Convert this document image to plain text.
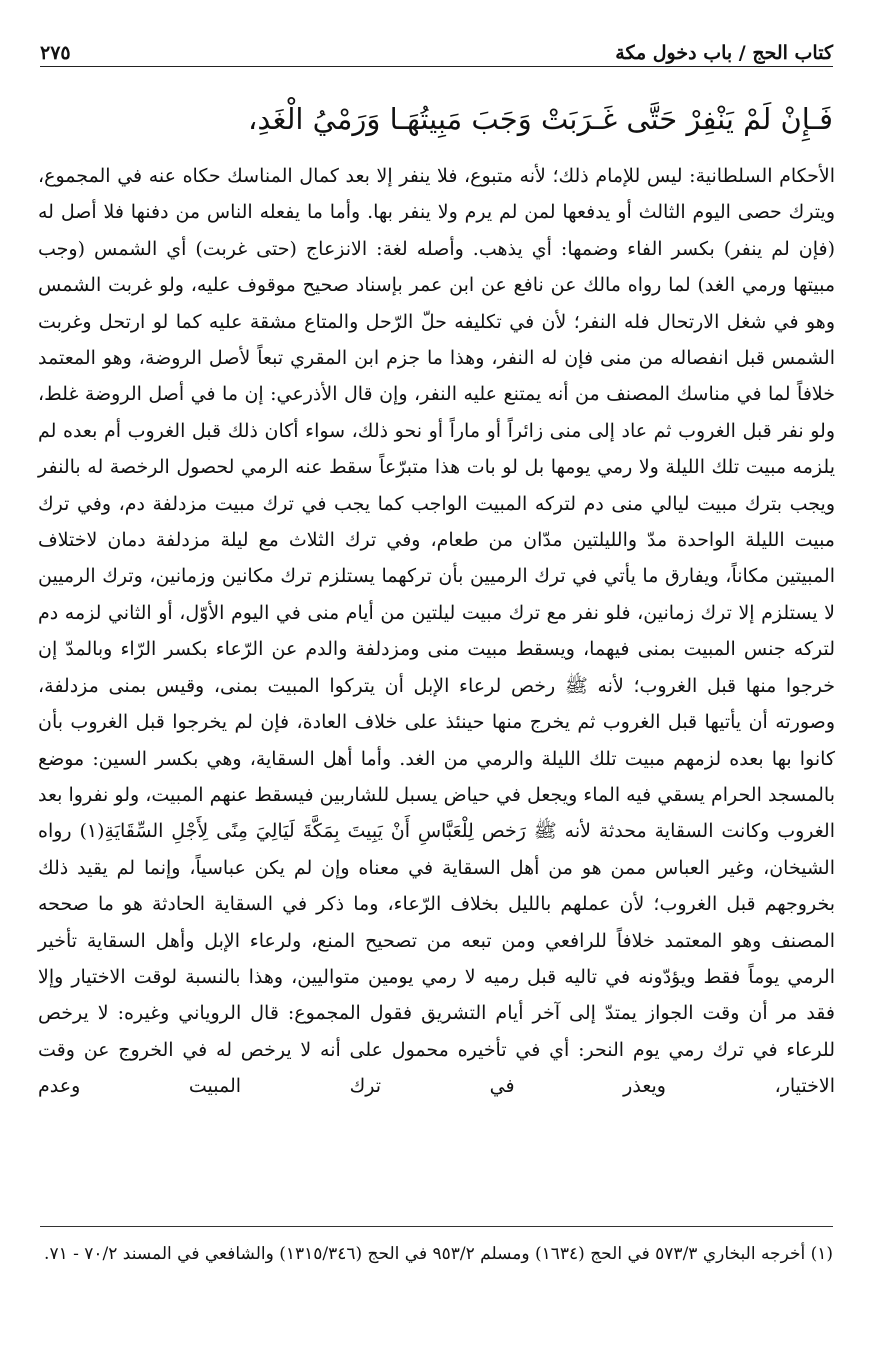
كتاب الحج / باب دخول مكة
٢٧٥
فَـإِنْ لَمْ يَنْفِرْ حَتَّى غَـرَبَتْ وَجَبَ مَبِيتُهَـا وَرَمْيُ الْغَدِ،

الأحكام السلطانية: ليس للإمام ذلك؛ لأنه متبوع، فلا ينفر إلا بعد كمال المناسك حكاه عنه في المجموع، ويترك حصى اليوم الثالث أو يدفعها لمن لم يرم ولا ينفر بها. وأما ما يفعله الناس من دفنها فلا أصل له (فإن لم ينفر) بكسر الفاء وضمها: أي يذهب. وأصله لغة: الانزعاج (حتى غربت) أي الشمس (وجب مبيتها ورمي الغد) لما رواه مالك عن نافع عن ابن عمر بإسناد صحيح موقوف عليه، ولو غربت الشمس وهو في شغل الارتحال فله النفر؛ لأن في تكليفه حلّ الرّحل والمتاع مشقة عليه كما لو ارتحل وغربت الشمس قبل انفصاله من منى فإن له النفر، وهذا ما جزم ابن المقري تبعاً لأصل الروضة، وهو المعتمد خلافاً لما في مناسك المصنف من أنه يمتنع عليه النفر، وإن قال الأذرعي: إن ما في أصل الروضة غلط، ولو نفر قبل الغروب ثم عاد إلى منى زائراً أو ماراً أو نحو ذلك، سواء أكان ذلك قبل الغروب أم بعده لم يلزمه مبيت تلك الليلة ولا رمي يومها بل لو بات هذا متبرّعاً سقط عنه الرمي لحصول الرخصة له بالنفر ويجب بترك مبيت ليالي منى دم لتركه المبيت الواجب كما يجب في ترك مبيت مزدلفة دم، وفي ترك مبيت الليلة الواحدة مدّ والليلتين مدّان من طعام، وفي ترك الثلاث مع ليلة مزدلفة دمان لاختلاف المبيتين مكاناً، ويفارق ما يأتي في ترك الرميين بأن تركهما يستلزم ترك مكانين وزمانين، وترك الرميين لا يستلزم إلا ترك زمانين، فلو نفر مع ترك مبيت ليلتين من أيام منى في اليوم الأوّل، أو الثاني لزمه دم لتركه جنس المبيت بمنى فيهما، ويسقط مبيت منى ومزدلفة والدم عن الرّعاء بكسر الرّاء وبالمدّ إن خرجوا منها قبل الغروب؛ لأنه ﷺ رخص لرعاء الإبل أن يتركوا المبيت بمنى، وقيس بمنى مزدلفة، وصورته أن يأتيها قبل الغروب ثم يخرج منها حينئذ على خلاف العادة، فإن لم يخرجوا قبل الغروب بأن كانوا بها بعده لزمهم مبيت تلك الليلة والرمي من الغد. وأما أهل السقاية، وهي بكسر السين: موضع بالمسجد الحرام يسقي فيه الماء ويجعل في حياض يسبل للشاربين فيسقط عنهم المبيت، ولو نفروا بعد الغروب وكانت السقاية محدثة لأنه ﷺ رَخص لِلْعَبَّاسِ أَنْ يَبِيتَ بِمَكَّةَ لَيَالِيَ مِنًى لِأَجْلِ السِّقَايَةِ(١) رواه الشيخان، وغير العباس ممن هو من أهل السقاية في معناه وإن لم يكن عباسياً، وإنما لم يقيد ذلك بخروجهم قبل الغروب؛ لأن عملهم بالليل بخلاف الرّعاء، وما ذكر في السقاية الحادثة هو ما صححه المصنف وهو المعتمد خلافاً للرافعي ومن تبعه من تصحيح المنع، ولرعاء الإبل وأهل السقاية تأخير الرمي يوماً فقط ويؤدّونه في تاليه قبل رميه لا رمي يومين متواليين، وهذا بالنسبة لوقت الاختيار وإلا فقد مر أن وقت الجواز يمتدّ إلى آخر أيام التشريق فقول المجموع: قال الروياني وغيره: لا يرخص للرعاء في ترك رمي يوم النحر: أي في تأخيره محمول على أنه لا يرخص له في الخروج عن وقت الاختيار، ويعذر في ترك المبيت وعدم

(١) أخرجه البخاري ٥٧٣/٣ في الحج (١٦٣٤) ومسلم ٩٥٣/٢ في الحج (١٣١٥/٣٤٦) والشافعي في المسند ٧٠/٢ - ٧١.
